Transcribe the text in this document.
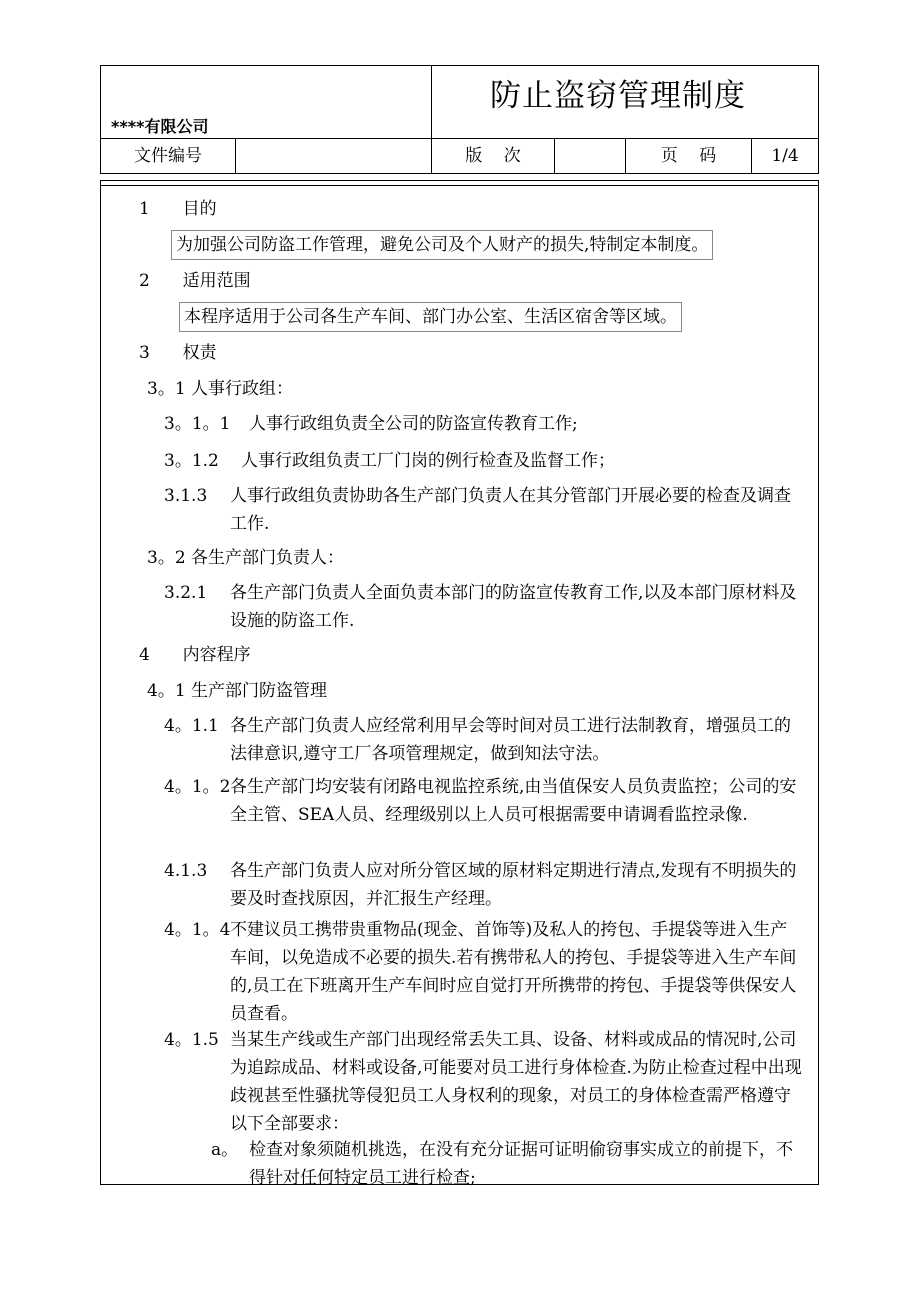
****有限公司
防止盗窃管理制度
文件编号	版    次	页    码	1/4
1 目的
为加强公司防盗工作管理，避免公司及个人财产的损失,特制定本制度。
2 适用范围
本程序适用于公司各生产车间、部门办公室、生活区宿舍等区域。
3 权责
3。1 人事行政组：
3。1。1	人事行政组负责全公司的防盗宣传教育工作;
3。1.2	人事行政组负责工厂门岗的例行检查及监督工作；
3.1.3	人事行政组负责协助各生产部门负责人在其分管部门开展必要的检查及调查工作.
3。2 各生产部门负责人：
3.2.1	各生产部门负责人全面负责本部门的防盗宣传教育工作,以及本部门原材料及设施的防盗工作.
4 内容程序
4。1 生产部门防盗管理
4。1.1 各生产部门负责人应经常利用早会等时间对员工进行法制教育，增强员工的法律意识,遵守工厂各项管理规定，做到知法守法。
4。1。2 各生产部门均安装有闭路电视监控系统,由当值保安人员负责监控；公司的安全主管、SEA人员、经理级别以上人员可根据需要申请调看监控录像.
4.1.3	各生产部门负责人应对所分管区域的原材料定期进行清点,发现有不明损失的要及时查找原因，并汇报生产经理。
4。1。4 不建议员工携带贵重物品(现金、首饰等)及私人的挎包、手提袋等进入生产车间，以免造成不必要的损失.若有携带私人的挎包、手提袋等进入生产车间的,员工在下班离开生产车间时应自觉打开所携带的挎包、手提袋等供保安人员查看。
4。1.5 当某生产线或生产部门出现经常丢失工具、设备、材料或成品的情况时,公司为追踪成品、材料或设备,可能要对员工进行身体检查.为防止检查过程中出现歧视甚至性骚扰等侵犯员工人身权利的现象，对员工的身体检查需严格遵守以下全部要求：
a。 检查对象须随机挑选，在没有充分证据可证明偷窃事实成立的前提下，不得针对任何特定员工进行检查;
